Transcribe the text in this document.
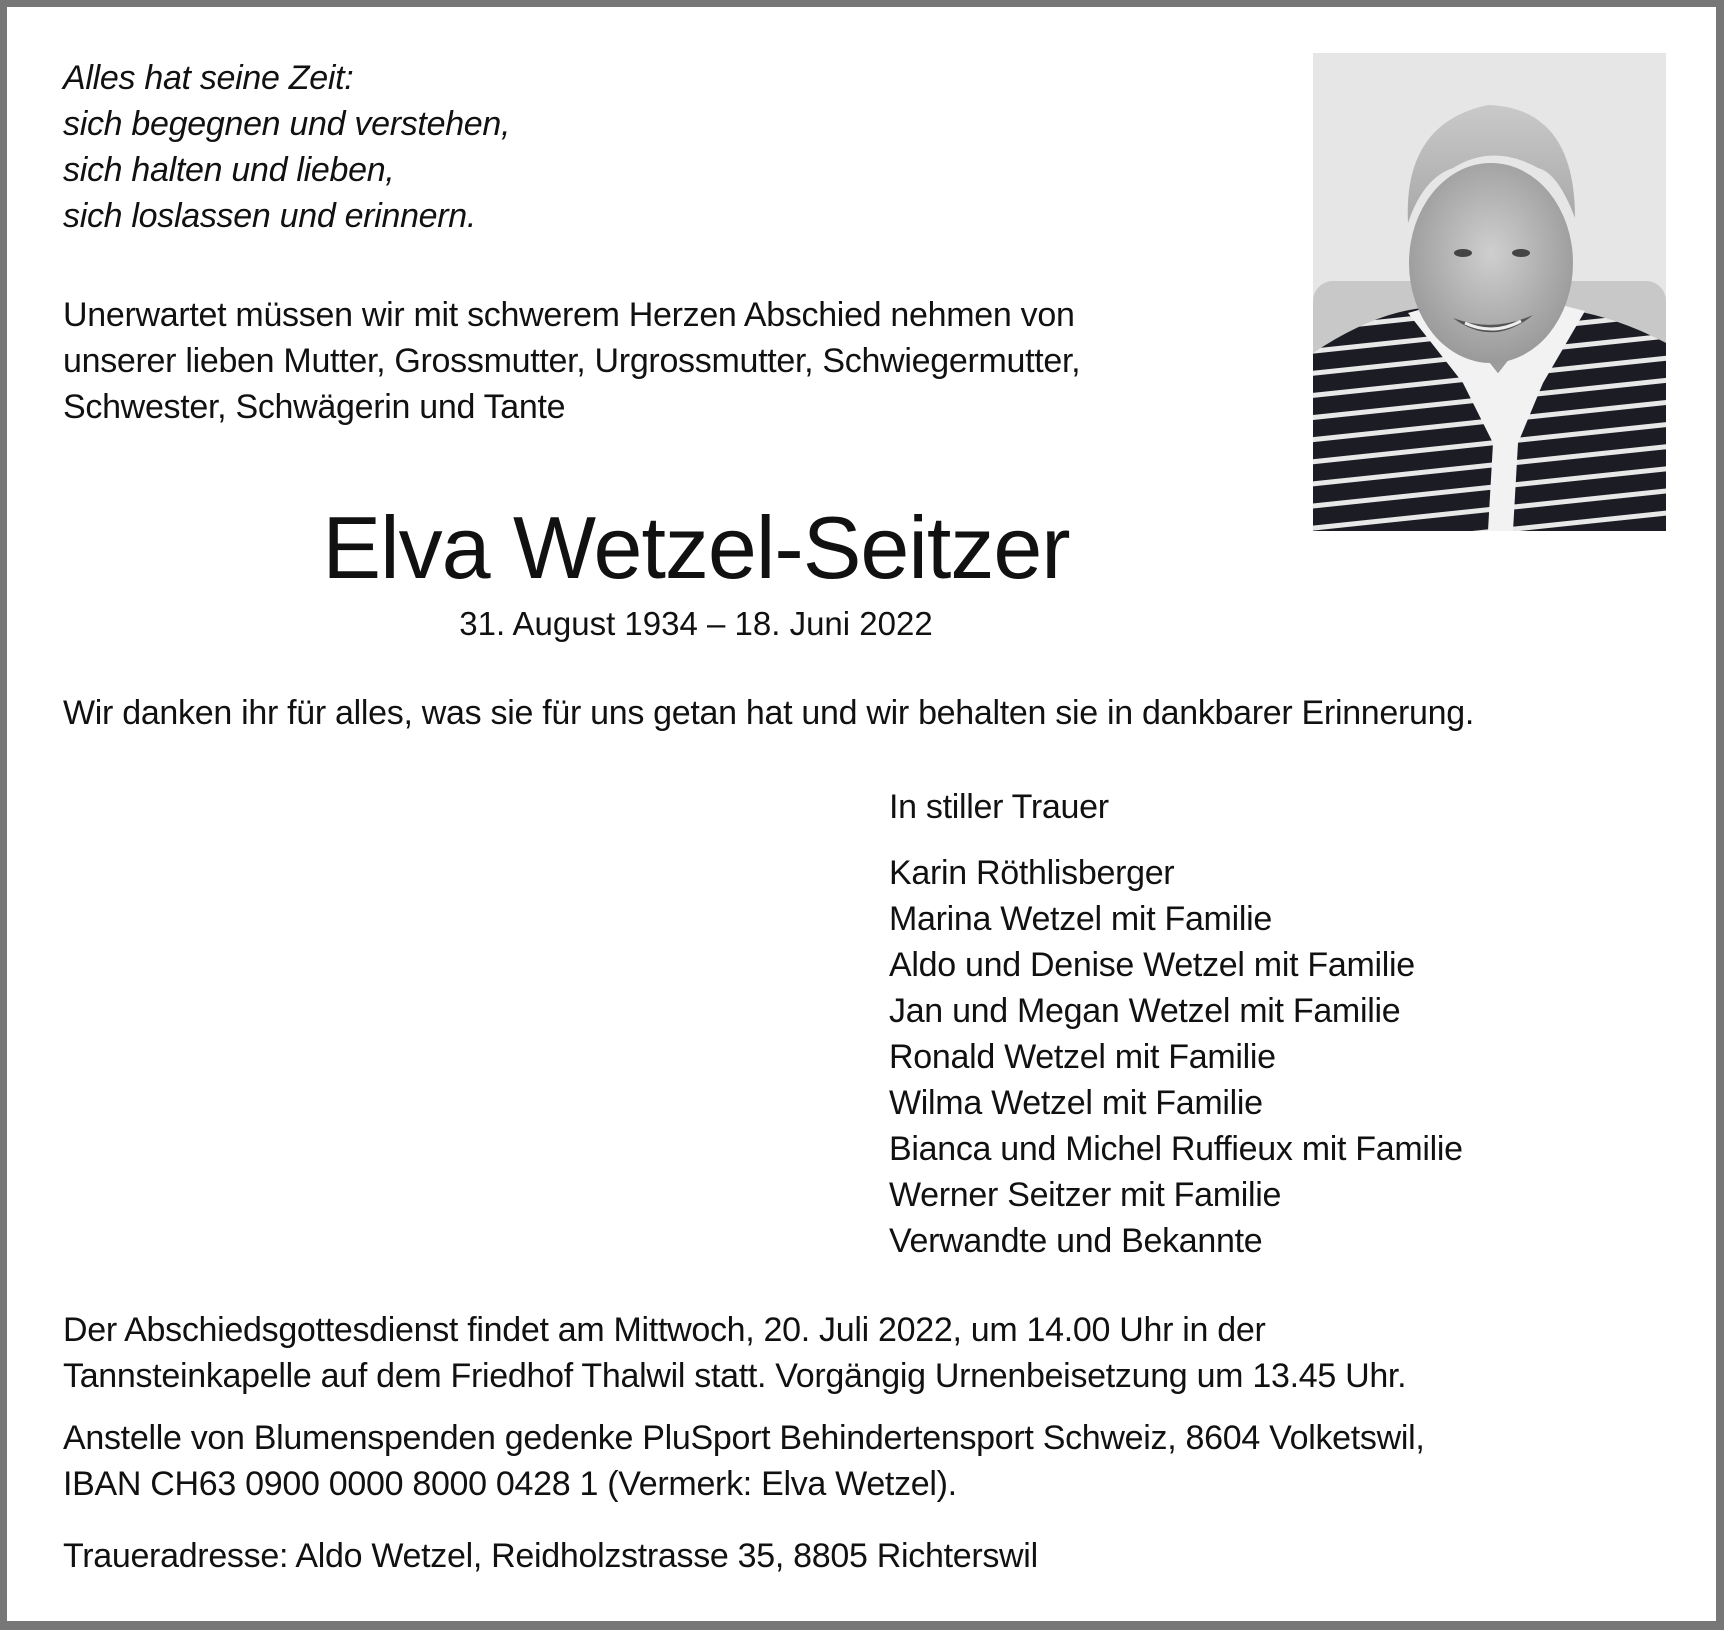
Alles hat seine Zeit:
sich begegnen und verstehen,
sich halten und lieben,
sich loslassen und erinnern.
Unerwartet müssen wir mit schwerem Herzen Abschied nehmen von
unserer lieben Mutter, Grossmutter, Urgrossmutter, Schwiegermutter,
Schwester, Schwägerin und Tante
Elva Wetzel-Seitzer
31. August 1934 – 18. Juni 2022
Wir danken ihr für alles, was sie für uns getan hat und wir behalten sie in dankbarer Erinnerung.
In stiller Trauer
Karin Röthlisberger
Marina Wetzel mit Familie
Aldo und Denise Wetzel mit Familie
Jan und Megan Wetzel mit Familie
Ronald Wetzel mit Familie
Wilma Wetzel mit Familie
Bianca und Michel Ruffieux mit Familie
Werner Seitzer mit Familie
Verwandte und Bekannte
Der Abschiedsgottesdienst findet am Mittwoch, 20. Juli 2022, um 14.00 Uhr in der
Tannsteinkapelle auf dem Friedhof Thalwil statt. Vorgängig Urnenbeisetzung um 13.45 Uhr.
Anstelle von Blumenspenden gedenke PluSport Behindertensport Schweiz, 8604 Volketswil,
IBAN CH63 0900 0000 8000 0428 1 (Vermerk: Elva Wetzel).
Traueradresse: Aldo Wetzel, Reidholzstrasse 35, 8805 Richterswil
